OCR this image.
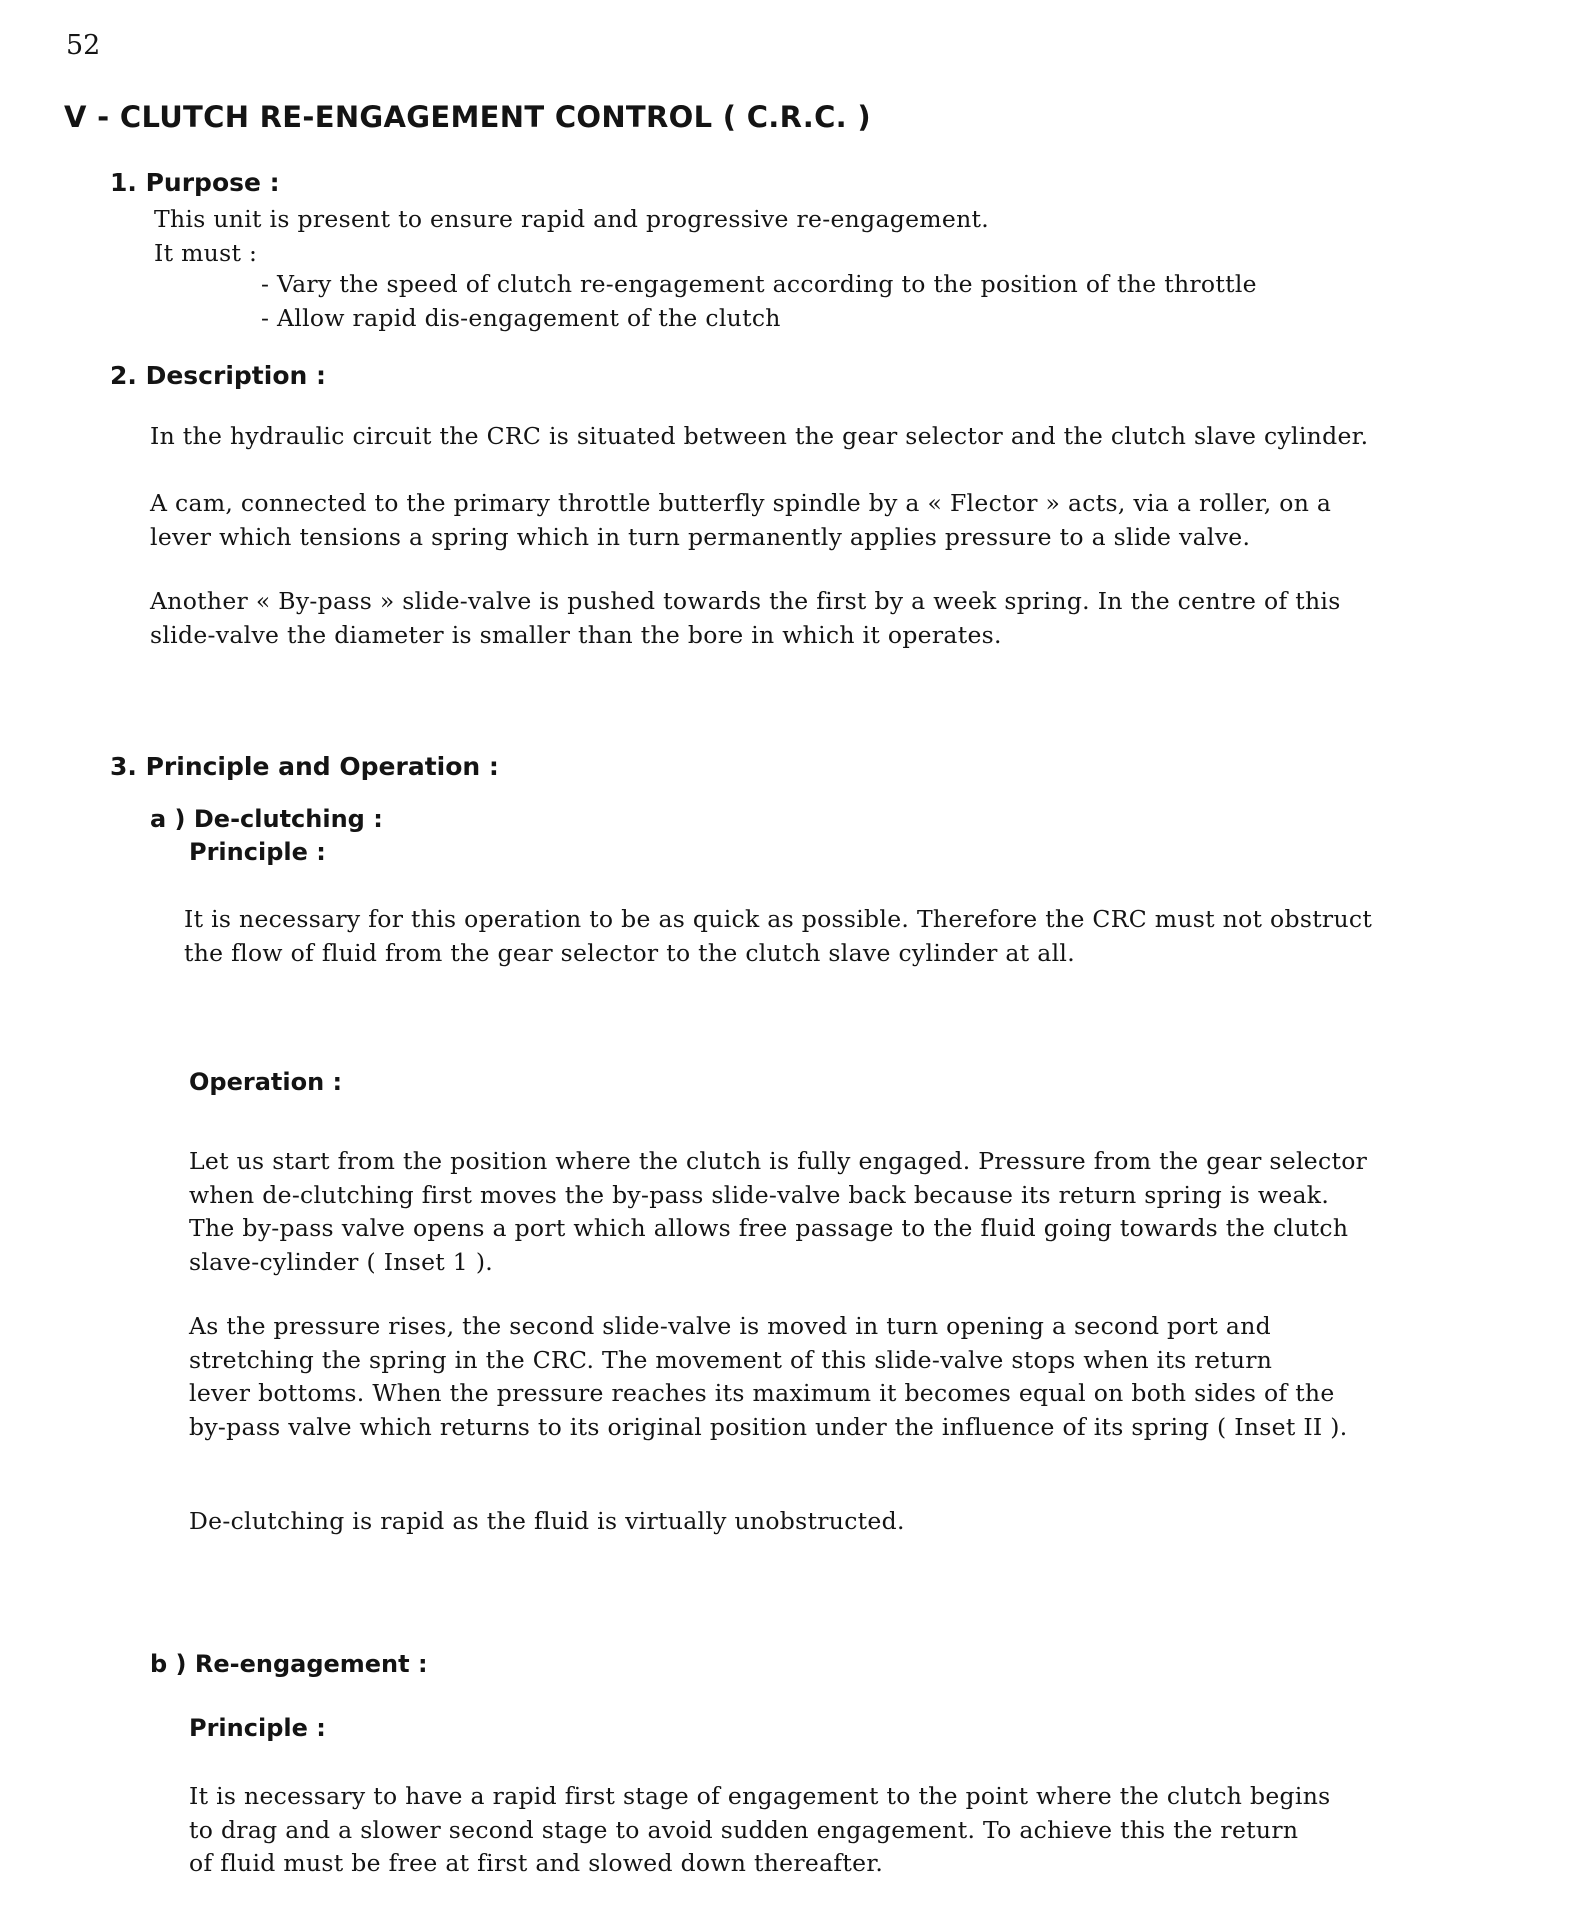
52
V - CLUTCH RE-ENGAGEMENT CONTROL ( C.R.C. )
1. Purpose :
This unit is present to ensure rapid and progressive re-engagement.
It must :
- Vary the speed of clutch re-engagement according to the position of the throttle
- Allow rapid dis-engagement of the clutch
2. Description :
In the hydraulic circuit the CRC is situated between the gear selector and the clutch slave cylinder.
A cam, connected to the primary throttle butterfly spindle by a « Flector » acts, via a roller, on a
lever which tensions a spring which in turn permanently applies pressure to a slide valve.
Another « By-pass » slide-valve is pushed towards the first by a week spring. In the centre of this
slide-valve the diameter is smaller than the bore in which it operates.
3. Principle and Operation :
a ) De-clutching :
Principle :
It is necessary for this operation to be as quick as possible. Therefore the CRC must not obstruct
the flow of fluid from the gear selector to the clutch slave cylinder at all.
Operation :
Let us start from the position where the clutch is fully engaged. Pressure from the gear selector
when de-clutching first moves the by-pass slide-valve back because its return spring is weak.
The by-pass valve opens a port which allows free passage to the fluid going towards the clutch
slave-cylinder ( Inset 1 ).
As the pressure rises, the second slide-valve is moved in turn opening a second port and
stretching the spring in the CRC. The movement of this slide-valve stops when its return
lever bottoms. When the pressure reaches its maximum it becomes equal on both sides of the
by-pass valve which returns to its original position under the influence of its spring ( Inset II ).
De-clutching is rapid as the fluid is virtually unobstructed.
b ) Re-engagement :
Principle :
It is necessary to have a rapid first stage of engagement to the point where the clutch begins
to drag and a slower second stage to avoid sudden engagement. To achieve this the return
of fluid must be free at first and slowed down thereafter.
